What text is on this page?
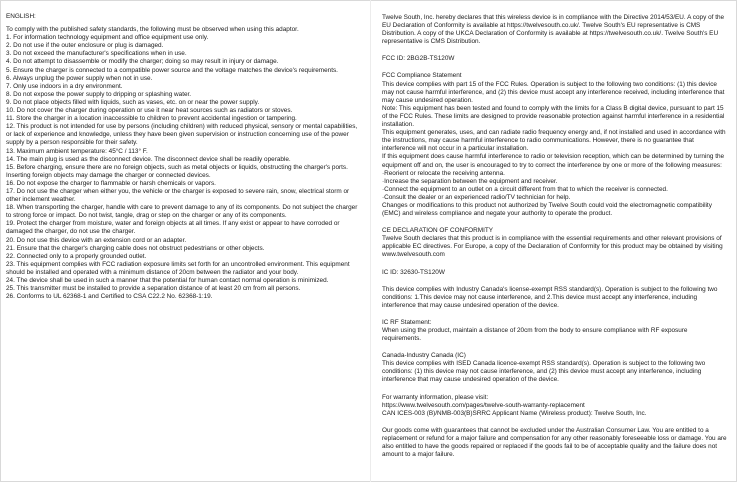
ENGLISH:

To comply with the published safety standards, the following must be observed when using this adaptor.

1. For information technology equipment and office equipment use only.

2. Do not use if the outer enclosure or plug is damaged.

3. Do not exceed the manufacturer's specifications when in use.

4. Do not attempt to disassemble or modify the charger; doing so may result in injury or damage.

5. Ensure the charger is connected to a compatible power source and the voltage matches the device's requirements.

6. Always unplug the power supply when not in use.

7. Only use indoors in a dry environment.

8. Do not expose the power supply to dripping or splashing water.

9. Do not place objects filled with liquids, such as vases, etc. on or near the power supply.

10. Do not cover the charger during operation or use it near heat sources such as radiators or stoves.

11. Store the charger in a location inaccessible to children to prevent accidental ingestion or tampering.

12. This product is not intended for use by persons (including children) with reduced physical, sensory or mental capabilities, or lack of experience and knowledge, unless they have been given supervision or instruction concerning use of the power supply by a person responsible for their safety.

13. Maximum ambient temperature: 45°C / 113° F.

14. The main plug is used as the disconnect device. The disconnect device shall be readily operable.

15. Before charging, ensure there are no foreign objects, such as metal objects or liquids, obstructing the charger's ports. Inserting foreign objects may damage the charger or connected devices.

16. Do not expose the charger to flammable or harsh chemicals or vapors.

17. Do not use the charger when either you, the vehicle or the charger is exposed to severe rain, snow, electrical storm or other inclement weather.

18. When transporting the charger, handle with care to prevent damage to any of its components. Do not subject the charger to strong force or impact. Do not twist, tangle, drag or step on the charger or any of its components.

19. Protect the charger from moisture, water and foreign objects at all times. If any exist or appear to have corroded or damaged the charger, do not use the charger.

20. Do not use this device with an extension cord or an adapter.

21. Ensure that the charger's charging cable does not obstruct pedestrians or other objects.

22. Connected only to a properly grounded outlet.

23. This equipment complies with FCC radiation exposure limits set forth for an uncontrolled environment. This equipment should be installed and operated with a minimum distance of 20cm between the radiator and your body.

24. The device shall be used in such a manner that the potential for human contact normal operation is minimized.

25. This transmitter must be installed to provide a separation distance of at least 20 cm from all persons.

26. Conforms to UL 62368-1 and Certified to CSA C22.2 No. 62368-1:19.

Twelve South, Inc. hereby declares that this wireless device is in compliance with the Directive 2014/53/EU. A copy of the EU Declaration of Conformity is available at https://twelvesouth.co.uk/. Twelve South's EU representative is CMS Distribution. A copy of the UKCA Declaration of Conformity is available at https://twelvesouth.co.uk/. Twelve South's EU representative is CMS Distribution.

FCC ID: 2BG2B-TS120W

FCC Compliance Statement

This device complies with part 15 of the FCC Rules. Operation is subject to the following two conditions: (1) this device may not cause harmful interference, and (2) this device must accept any interference received, including interference that may cause undesired operation.

Note: This equipment has been tested and found to comply with the limits for a Class B digital device, pursuant to part 15 of the FCC Rules. These limits are designed to provide reasonable protection against harmful interference in a residential installation.

This equipment generates, uses, and can radiate radio frequency energy and, if not installed and used in accordance with the instructions, may cause harmful interference to radio communications. However, there is no guarantee that interference will not occur in a particular installation.

If this equipment does cause harmful interference to radio or television reception, which can be determined by turning the equipment off and on, the user is encouraged to try to correct the interference by one or more of the following measures:

·Reorient or relocate the receiving antenna.

·Increase the separation between the equipment and receiver.

·Connect the equipment to an outlet on a circuit different from that to which the receiver is connected.

·Consult the dealer or an experienced radio/TV technician for help.

Changes or modifications to this product not authorized by Twelve South could void the electromagnetic compatibility (EMC) and wireless compliance and negate your authority to operate the product.

CE DECLARATION OF CONFORMITY

Twelve South declares that this product is in compliance with the essential requirements and other relevant provisions of applicable EC directives. For Europe, a copy of the Declaration of Conformity for this product may be obtained by visiting www.twelvesouth.com

IC ID: 32630-TS120W

This device complies with Industry Canada's license-exempt RSS standard(s). Operation is subject to the following two conditions: 1.This device may not cause interference, and 2.This device must accept any interference, including interference that may cause undesired operation of the device.

IC RF Statement:

When using the product, maintain a distance of 20cm from the body to ensure compliance with RF exposure requirements.

Canada-Industry Canada (IC)

This device complies with ISED Canada licence-exempt RSS standard(s). Operation is subject to the following two conditions: (1) this device may not cause interference, and (2) this device must accept any interference, including interference that may cause undesired operation of the device.

For warranty information, please visit:

https://www.twelvesouth.com/pages/twelve-south-warranty-replacement

CAN ICES-003 (B)/NMB-003(B)SRRC Applicant Name (Wireless product): Twelve South, Inc.

Our goods come with guarantees that cannot be excluded under the Australian Consumer Law. You are entitled to a replacement or refund for a major failure and compensation for any other reasonably foreseeable loss or damage. You are also entitled to have the goods repaired or replaced if the goods fail to be of acceptable quality and the failure does not amount to a major failure.
